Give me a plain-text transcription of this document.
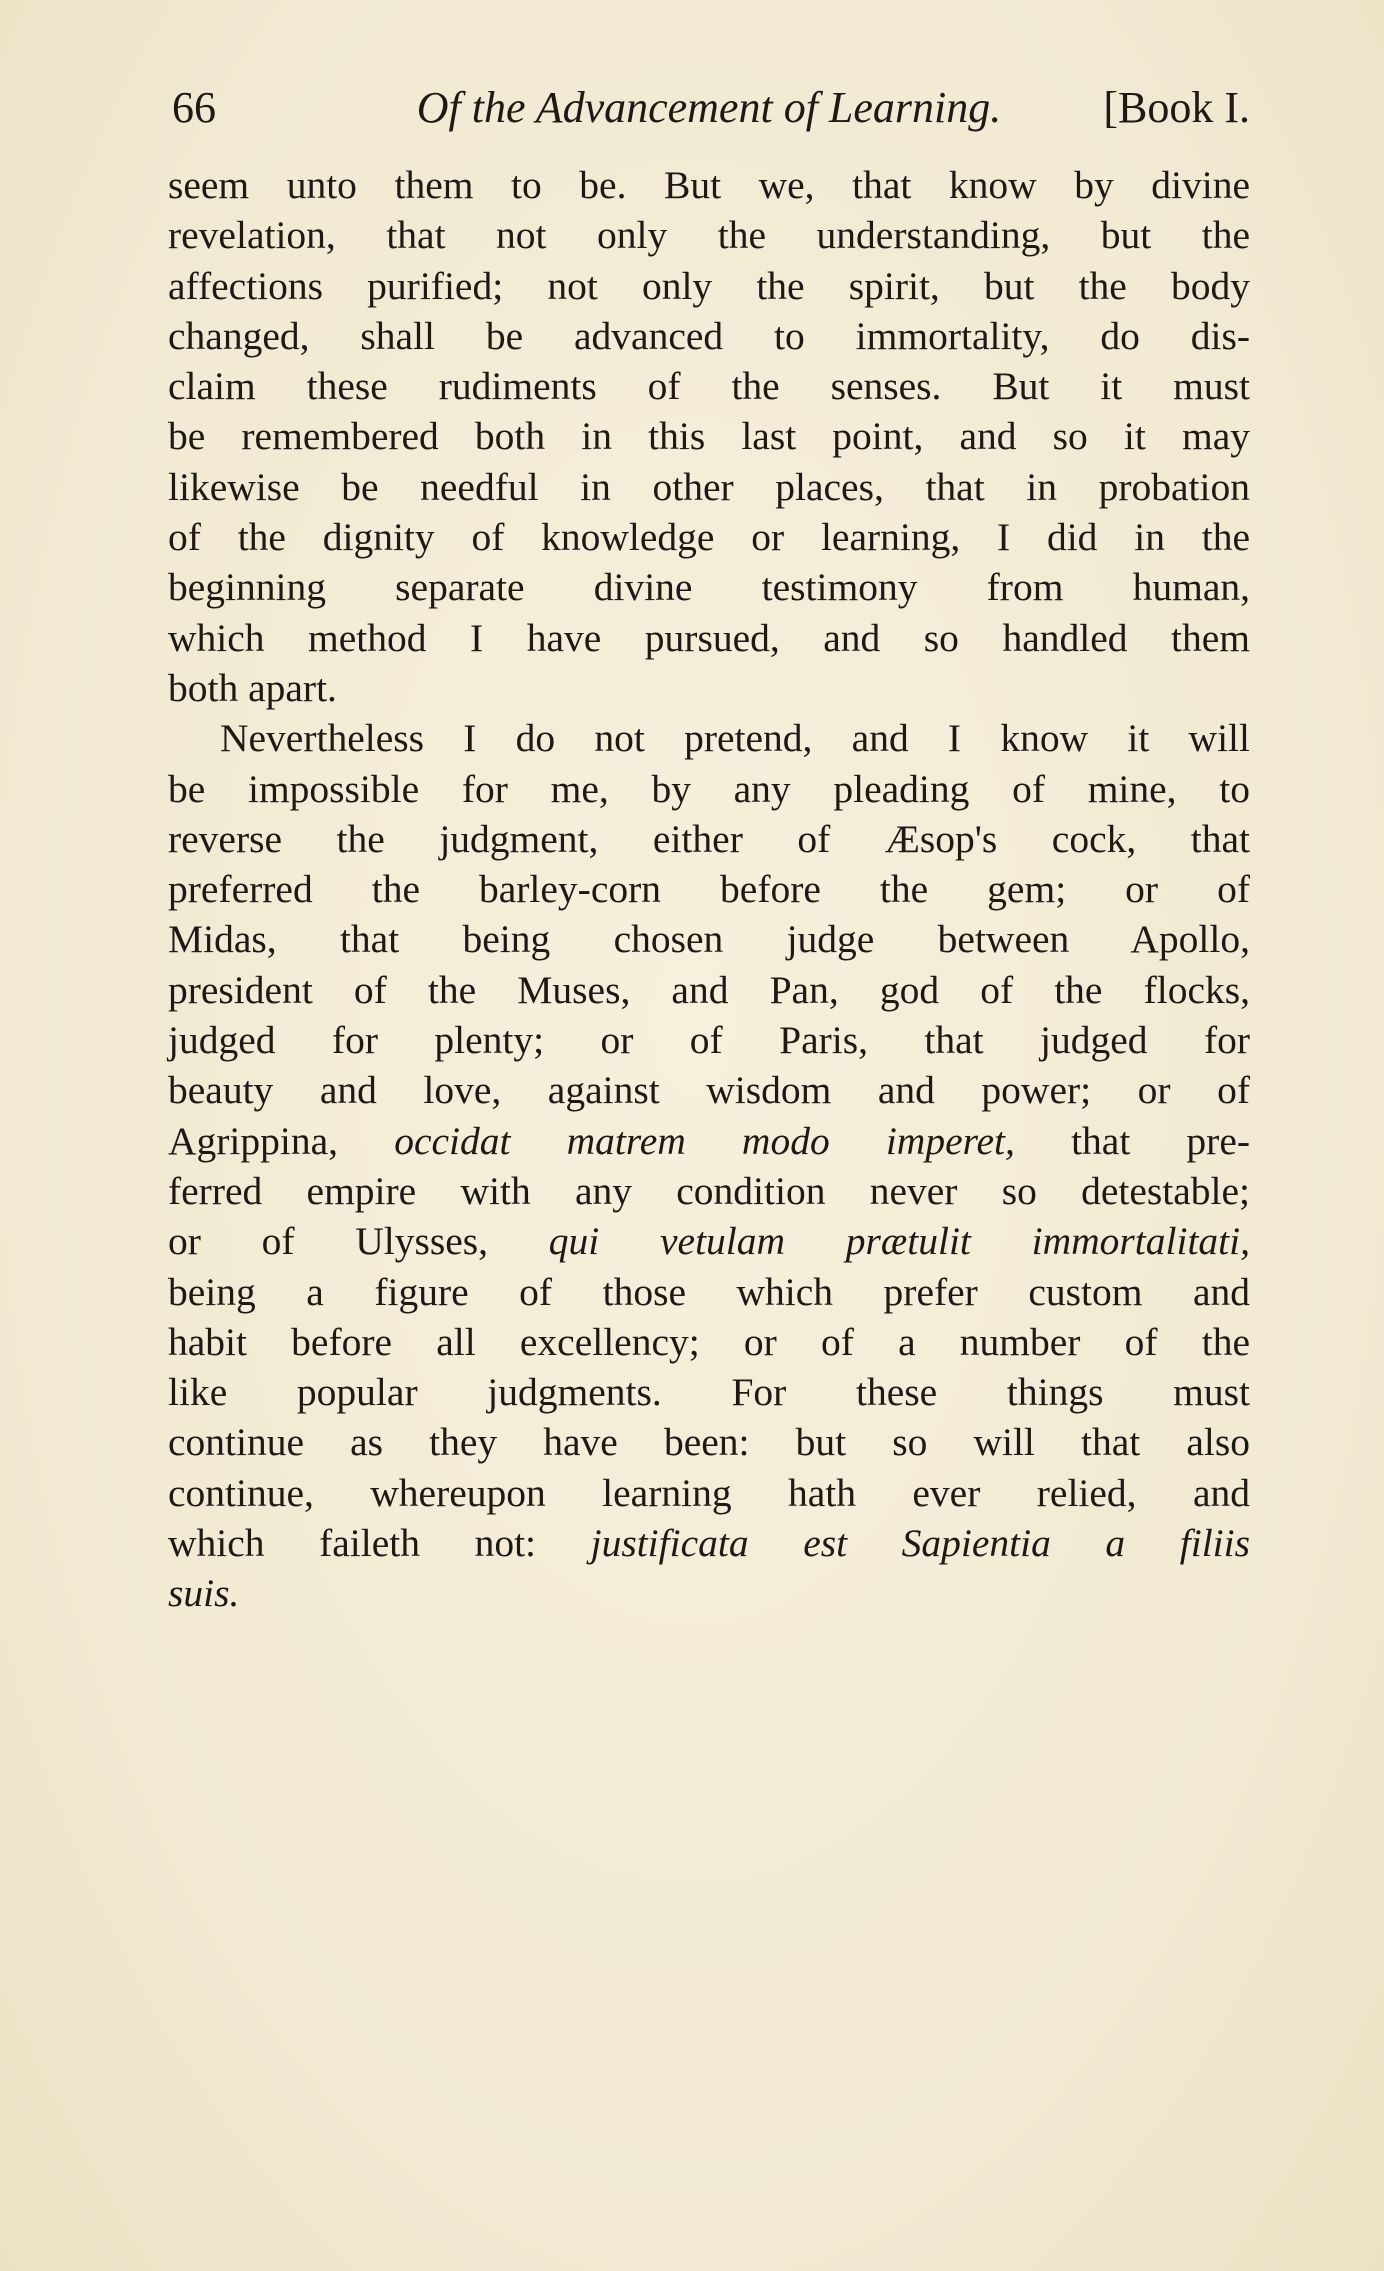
66	Of the Advancement of Learning.	[Book I.
seem unto them to be. But we, that know by divine
revelation, that not only the understanding, but the
affections purified; not only the spirit, but the body
changed, shall be advanced to immortality, do dis-
claim these rudiments of the senses. But it must
be remembered both in this last point, and so it may
likewise be needful in other places, that in probation
of the dignity of knowledge or learning, I did in the
beginning separate divine testimony from human,
which method I have pursued, and so handled them
both apart.
Nevertheless I do not pretend, and I know it will
be impossible for me, by any pleading of mine, to
reverse the judgment, either of Æsop's cock, that
preferred the barley-corn before the gem; or of
Midas, that being chosen judge between Apollo,
president of the Muses, and Pan, god of the flocks,
judged for plenty; or of Paris, that judged for
beauty and love, against wisdom and power; or of
Agrippina, occidat matrem modo imperet, that pre-
ferred empire with any condition never so detestable;
or of Ulysses, qui vetulam prætulit immortalitati,
being a figure of those which prefer custom and
habit before all excellency; or of a number of the
like popular judgments. For these things must
continue as they have been: but so will that also
continue, whereupon learning hath ever relied, and
which faileth not: justificata est Sapientia a filiis
suis.
